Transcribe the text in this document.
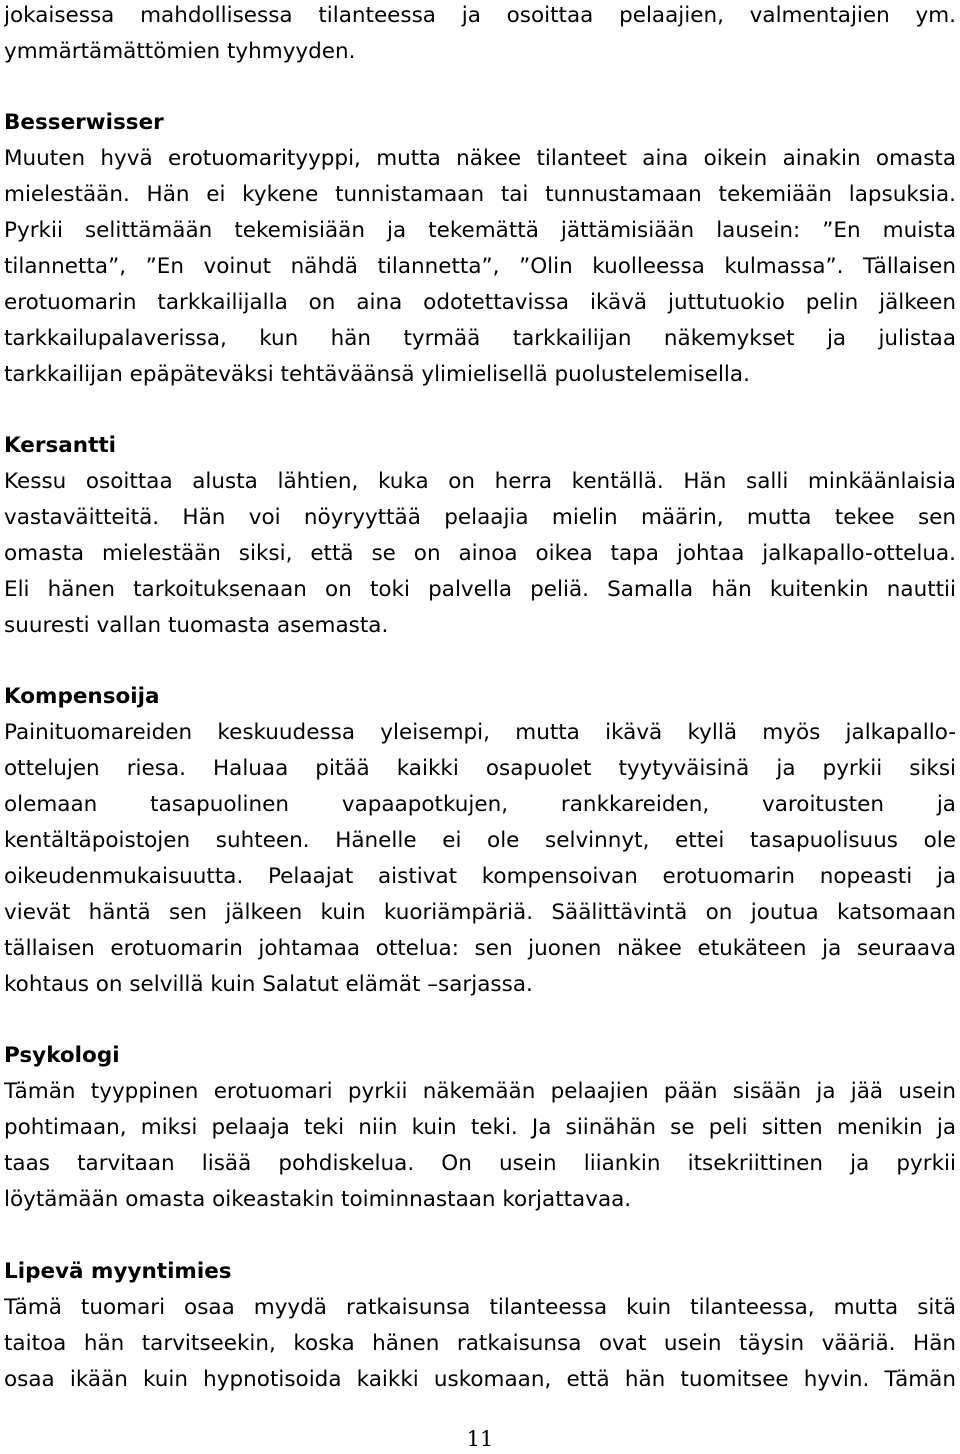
jokaisessa mahdollisessa tilanteessa ja osoittaa pelaajien, valmentajien ym.
ymmärtämättömien tyhmyyden.
Besserwisser
Muuten hyvä erotuomarityyppi, mutta näkee tilanteet aina oikein ainakin omasta
mielestään. Hän ei kykene tunnistamaan tai tunnustamaan tekemiään lapsuksia.
Pyrkii selittämään tekemisiään ja tekemättä jättämisiään lausein: ”En muista
tilannetta”, ”En voinut nähdä tilannetta”, ”Olin kuolleessa kulmassa”. Tällaisen
erotuomarin tarkkailijalla on aina odotettavissa ikävä juttutuokio pelin jälkeen
tarkkailupalaverissa, kun hän tyrmää tarkkailijan näkemykset ja julistaa
tarkkailijan epäpäteväksi tehtäväänsä ylimielisellä puolustelemisella.
Kersantti
Kessu osoittaa alusta lähtien, kuka on herra kentällä. Hän salli minkäänlaisia
vastaväitteitä. Hän voi nöyryyttää pelaajia mielin määrin, mutta tekee sen
omasta mielestään siksi, että se on ainoa oikea tapa johtaa jalkapallo-ottelua.
Eli hänen tarkoituksenaan on toki palvella peliä. Samalla hän kuitenkin nauttii
suuresti vallan tuomasta asemasta.
Kompensoija
Painituomareiden keskuudessa yleisempi, mutta ikävä kyllä myös jalkapallo-
ottelujen riesa. Haluaa pitää kaikki osapuolet tyytyväisinä ja pyrkii siksi
olemaan tasapuolinen vapaapotkujen, rankkareiden, varoitusten ja
kentältäpoistojen suhteen. Hänelle ei ole selvinnyt, ettei tasapuolisuus ole
oikeudenmukaisuutta. Pelaajat aistivat kompensoivan erotuomarin nopeasti ja
vievät häntä sen jälkeen kuin kuoriämpäriä. Säälittävintä on joutua katsomaan
tällaisen erotuomarin johtamaa ottelua: sen juonen näkee etukäteen ja seuraava
kohtaus on selvillä kuin Salatut elämät –sarjassa.
Psykologi
Tämän tyyppinen erotuomari pyrkii näkemään pelaajien pään sisään ja jää usein
pohtimaan, miksi pelaaja teki niin kuin teki. Ja siinähän se peli sitten menikin ja
taas tarvitaan lisää pohdiskelua. On usein liiankin itsekriittinen ja pyrkii
löytämään omasta oikeastakin toiminnastaan korjattavaa.
Lipevä myyntimies
Tämä tuomari osaa myydä ratkaisunsa tilanteessa kuin tilanteessa, mutta sitä
taitoa hän tarvitseekin, koska hänen ratkaisunsa ovat usein täysin vääriä. Hän
osaa ikään kuin hypnotisoida kaikki uskomaan, että hän tuomitsee hyvin. Tämän
11
